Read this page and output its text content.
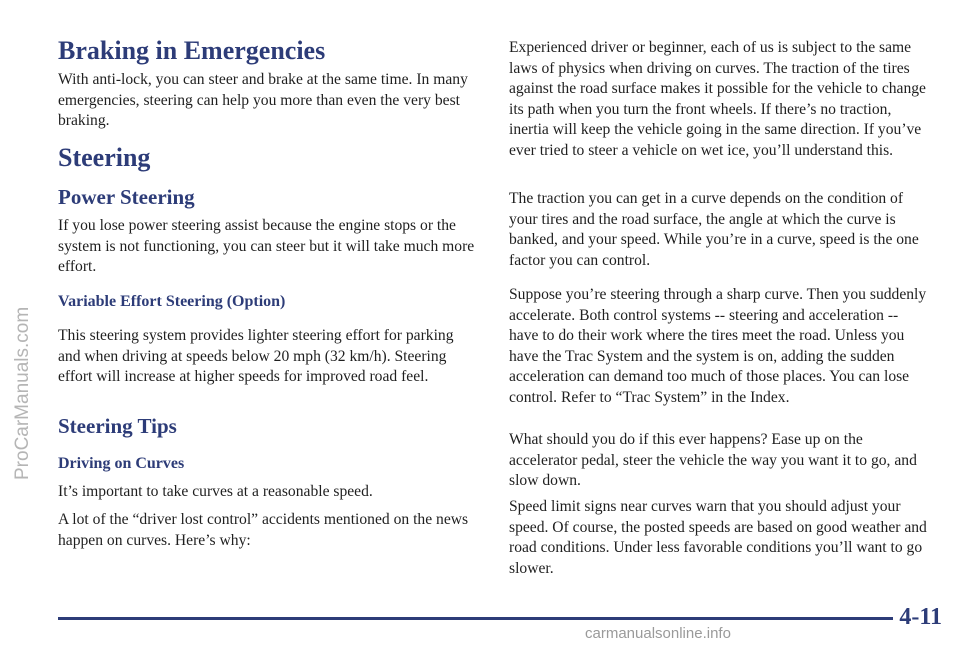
ProCarManuals.com
Braking in Emergencies

With anti-lock, you can steer and brake at the same time. In many emergencies, steering can help you more than even the very best braking.

Steering
Power Steering

If you lose power steering assist because the engine stops or the system is not functioning, you can steer but it will take much more effort.

Variable Effort Steering (Option)

This steering system provides lighter steering effort for parking and when driving at speeds below 20 mph (32 km/h). Steering effort will increase at higher speeds for improved road feel.

Steering Tips
Driving on Curves

It’s important to take curves at a reasonable speed.

A lot of the “driver lost control” accidents mentioned on the news happen on curves. Here’s why:

Experienced driver or beginner, each of us is subject to the same laws of physics when driving on curves. The traction of the tires against the road surface makes it possible for the vehicle to change its path when you turn the front wheels. If there’s no traction, inertia will keep the vehicle going in the same direction. If you’ve ever tried to steer a vehicle on wet ice, you’ll understand this.

The traction you can get in a curve depends on the condition of your tires and the road surface, the angle at which the curve is banked, and your speed. While you’re in a curve, speed is the one factor you can control.

Suppose you’re steering through a sharp curve. Then you suddenly accelerate. Both control systems -- steering and acceleration -- have to do their work where the tires meet the road. Unless you have the Trac System and the system is on, adding the sudden acceleration can demand too much of those places. You can lose control. Refer to “Trac System” in the Index.

What should you do if this ever happens? Ease up on the accelerator pedal, steer the vehicle the way you want it to go, and slow down.

Speed limit signs near curves warn that you should adjust your speed. Of course, the posted speeds are based on good weather and road conditions. Under less favorable conditions you’ll want to go slower.

4-11
carmanualsonline.info
